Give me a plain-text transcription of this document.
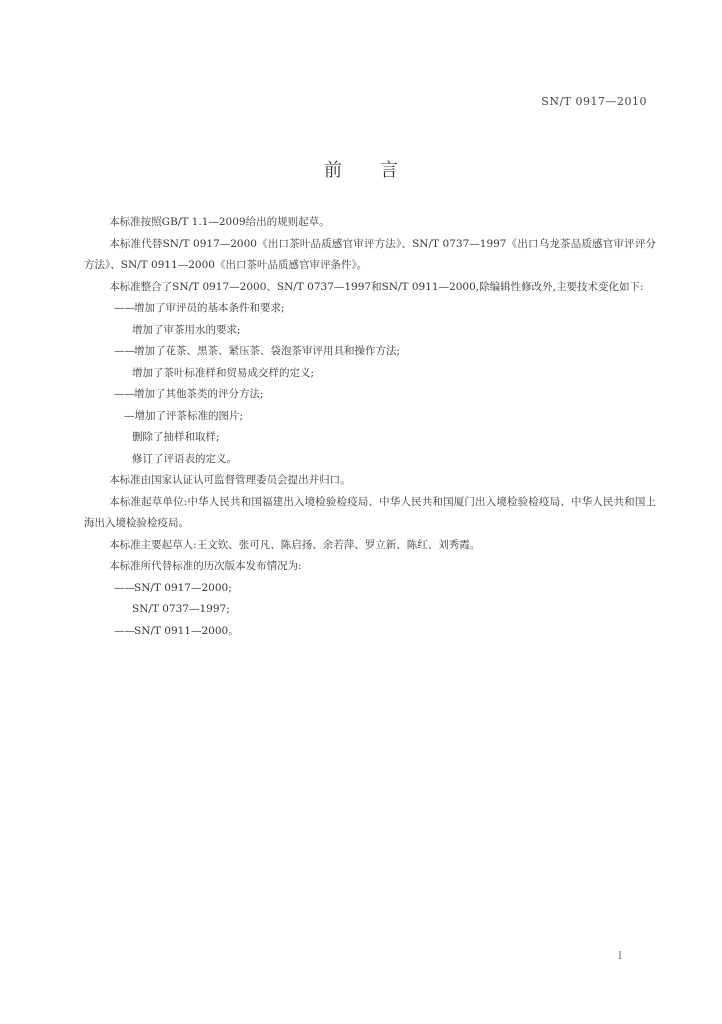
SN/T 0917—2010
前言

本标准按照GB/T 1.1—2009给出的规则起草。

本标准代替SN/T 0917—2000《出口茶叶品质感官审评方法》、SN/T 0737—1997《出口乌龙茶品质感官审评评分方法》、SN/T 0911—2000《出口茶叶品质感官审评条件》。

本标准整合了SN/T 0917—2000、SN/T 0737—1997和SN/T 0911—2000,除编辑性修改外,主要技术变化如下:

——增加了审评员的基本条件和要求;

增加了审茶用水的要求;

——增加了花茶、黑茶、紧压茶、袋泡茶审评用具和操作方法;

增加了茶叶标准样和贸易成交样的定义;

——增加了其他茶类的评分方法;

—增加了评茶标准的图片;

删除了抽样和取样;

修订了评语表的定义。

本标准由国家认证认可监督管理委员会提出并归口。

本标准起草单位:中华人民共和国福建出入境检验检疫局、中华人民共和国厦门出入境检验检疫局、中华人民共和国上海出入境检验检疫局。

本标准主要起草人:王文钦、张可凡、陈启扬、余若萍、罗立新、陈红、刘秀霞。

本标准所代替标准的历次版本发布情况为:

——SN/T 0917—2000;

SN/T 0737—1997;

——SN/T 0911—2000。

I
